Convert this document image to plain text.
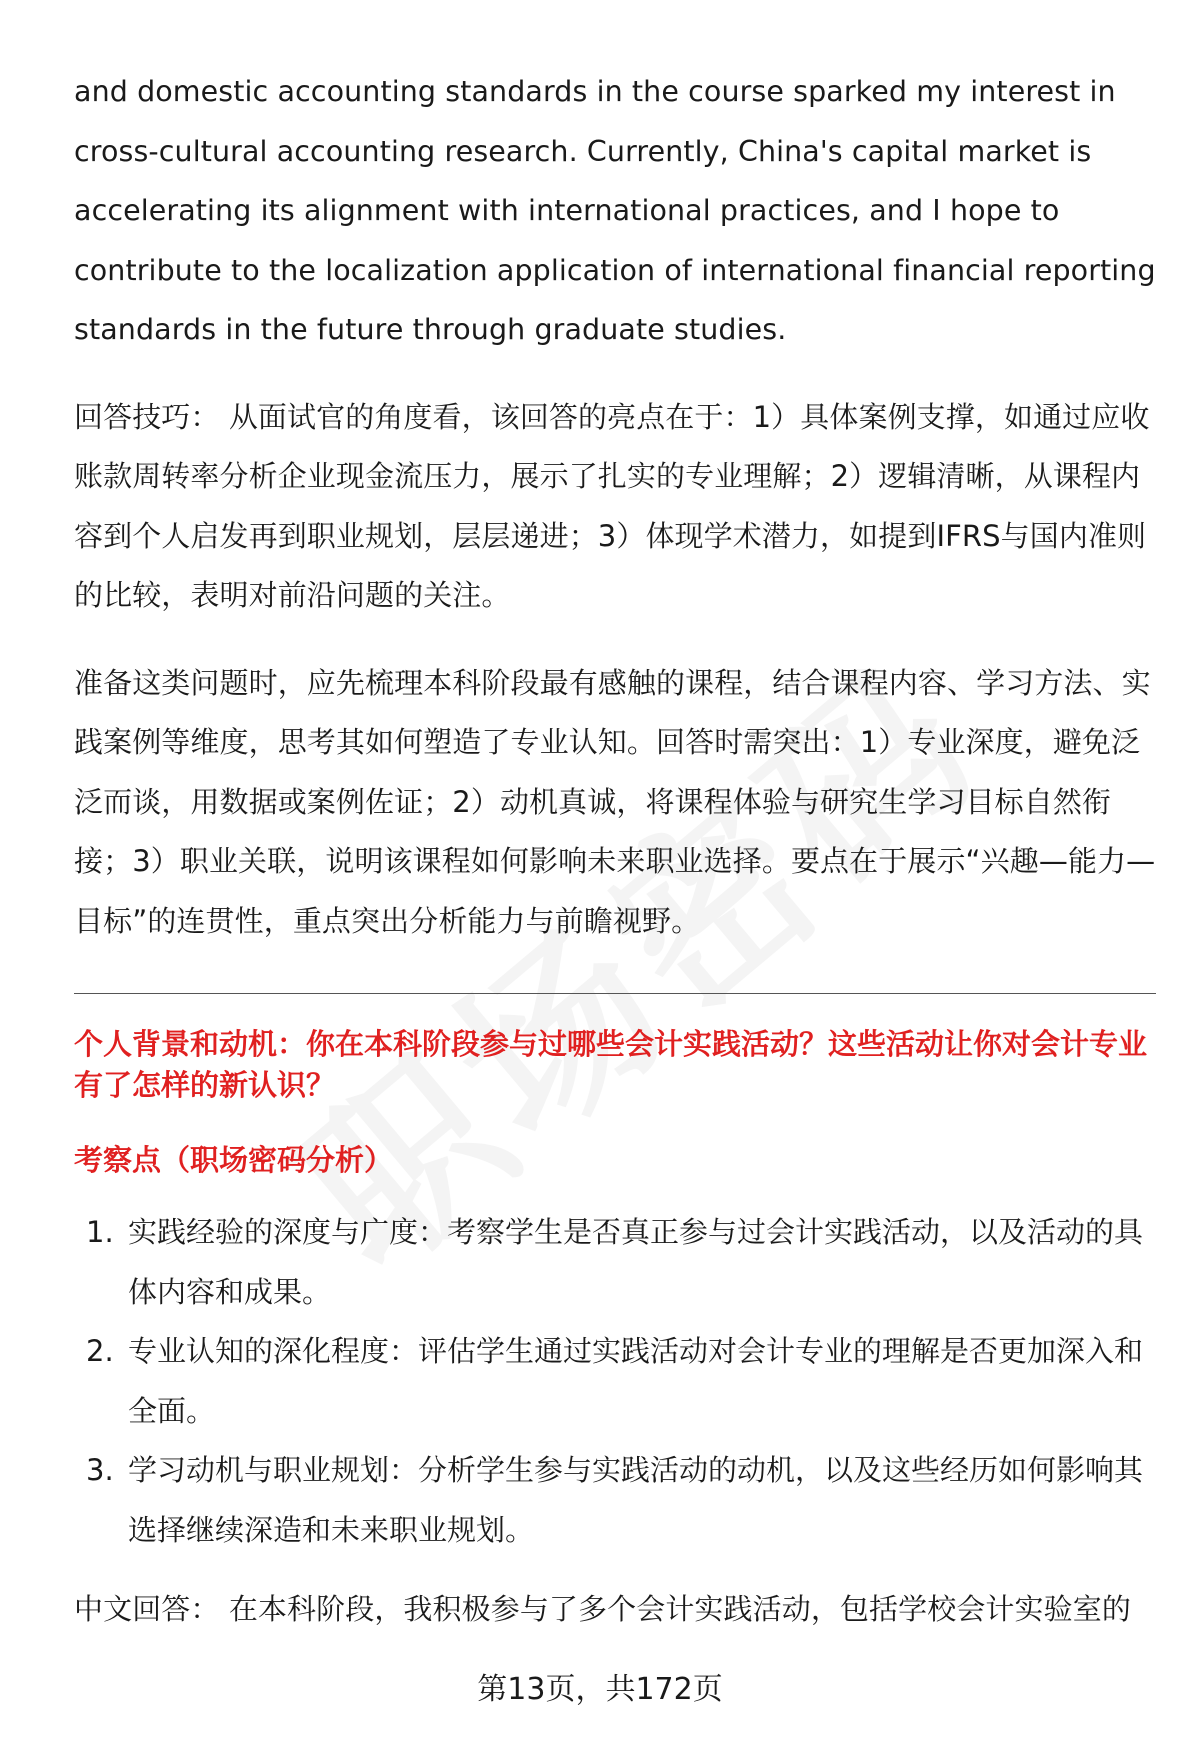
and domestic accounting standards in the course sparked my interest in cross-cultural accounting research. Currently, China's capital market is accelerating its alignment with international practices, and I hope to contribute to the localization application of international financial reporting standards in the future through graduate studies.

回答技巧： 从面试官的角度看，该回答的亮点在于：1）具体案例支撑，如通过应收账款周转率分析企业现金流压力，展示了扎实的专业理解；2）逻辑清晰，从课程内容到个人启发再到职业规划，层层递进；3）体现学术潜力，如提到IFRS与国内准则的比较，表明对前沿问题的关注。

准备这类问题时，应先梳理本科阶段最有感触的课程，结合课程内容、学习方法、实践案例等维度，思考其如何塑造了专业认知。回答时需突出：1）专业深度，避免泛泛而谈，用数据或案例佐证；2）动机真诚，将课程体验与研究生学习目标自然衔接；3）职业关联，说明该课程如何影响未来职业选择。要点在于展示“兴趣—能力—目标”的连贯性，重点突出分析能力与前瞻视野。

个人背景和动机：你在本科阶段参与过哪些会计实践活动？这些活动让你对会计专业有了怎样的新认识？

考察点（职场密码分析）

1. 实践经验的深度与广度：考察学生是否真正参与过会计实践活动，以及活动的具体内容和成果。
2. 专业认知的深化程度：评估学生通过实践活动对会计专业的理解是否更加深入和全面。
3. 学习动机与职业规划：分析学生参与实践活动的动机，以及这些经历如何影响其选择继续深造和未来职业规划。

中文回答： 在本科阶段，我积极参与了多个会计实践活动，包括学校会计实验室的

第13页，共172页
